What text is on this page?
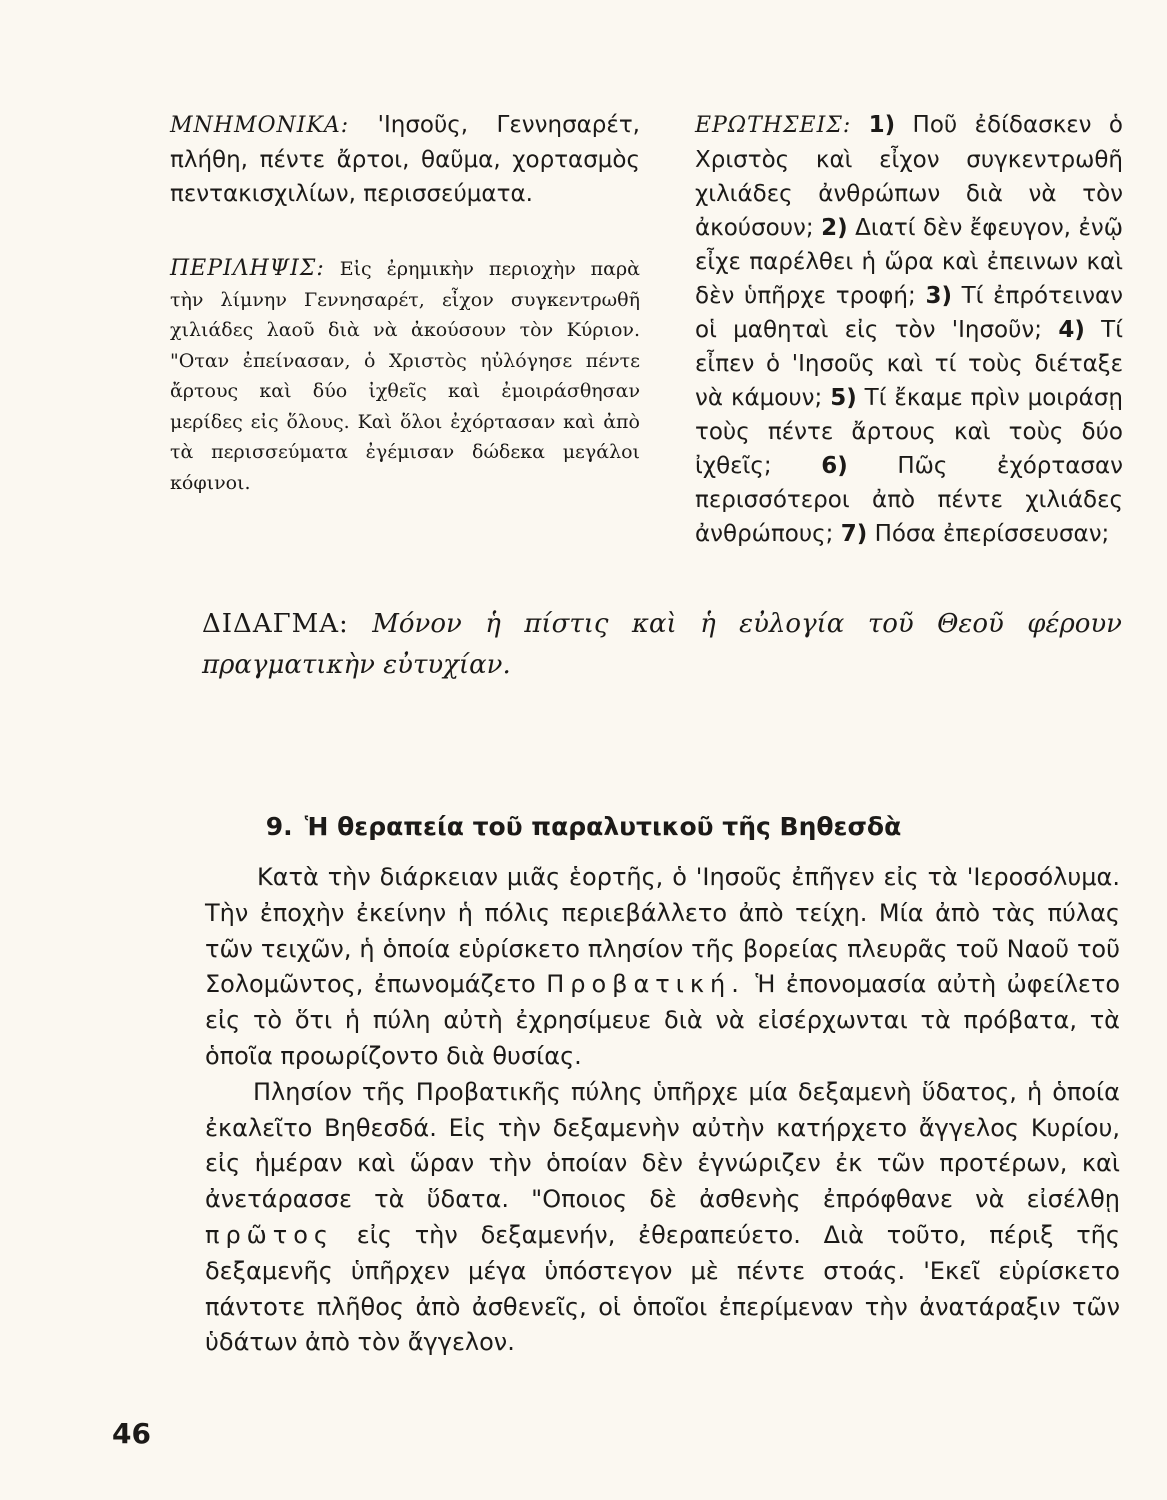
ΜΝΗΜΟΝΙΚΑ: 'Ιησοῦς, Γεννησαρέτ, πλήθη, πέντε ἄρτοι, θαῦμα, χορτασμὸς πεντακισχιλίων, περισσεύματα.

ΠΕΡΙΛΗΨΙΣ: Εἰς ἐρημικὴν περιοχὴν παρὰ τὴν λίμνην Γεννησαρέτ, εἶχον συγκεντρωθῆ χιλιάδες λαοῦ διὰ νὰ ἀκούσουν τὸν Κύριον. "Οταν ἐπείνασαν, ὁ Χριστὸς ηὐλόγησε πέντε ἄρτους καὶ δύο ἰχθεῖς καὶ ἐμοιράσθησαν μερίδες εἰς ὅλους. Καὶ ὅλοι ἐχόρτασαν καὶ ἀπὸ τὰ περισσεύματα ἐγέμισαν δώδεκα μεγάλοι κόφινοι.

ΕΡΩΤΗΣΕΙΣ: 1) Ποῦ ἐδίδασκεν ὁ Χριστὸς καὶ εἶχον συγκεντρωθῆ χιλιάδες ἀνθρώπων διὰ νὰ τὸν ἀκούσουν; 2) Διατί δὲν ἔφευγον, ἐνῷ εἶχε παρέλθει ἡ ὥρα καὶ ἐπεινων καὶ δὲν ὑπῆρχε τροφή; 3) Τί ἐπρότειναν οἱ μαθηταὶ εἰς τὸν 'Ιησοῦν; 4) Τί εἶπεν ὁ 'Ιησοῦς καὶ τί τοὺς διέταξε νὰ κάμουν; 5) Τί ἔκαμε πρὶν μοιράσῃ τοὺς πέντε ἄρτους καὶ τοὺς δύο ἰχθεῖς; 6) Πῶς ἐχόρτασαν περισσότεροι ἀπὸ πέντε χιλιάδες ἀνθρώπους; 7) Πόσα ἐπερίσσευσαν;

ΔΙΔΑΓΜΑ: Μόνον ἡ πίστις καὶ ἡ εὐλογία τοῦ Θεοῦ φέρουν πραγματικὴν εὐτυχίαν.

9. Ἡ θεραπεία τοῦ παραλυτικοῦ τῆς Βηθεσδὰ

  Κατὰ τὴν διάρκειαν μιᾶς ἑορτῆς, ὁ 'Ιησοῦς ἐπῆγεν εἰς τὰ 'Ιεροσόλυμα. Τὴν ἐποχὴν ἐκείνην ἡ πόλις περιεβάλλετο ἀπὸ τείχη. Μία ἀπὸ τὰς πύλας τῶν τειχῶν, ἡ ὁποία εὑρίσκετο πλησίον τῆς βορείας πλευρᾶς τοῦ Ναοῦ τοῦ Σολομῶντος, ἐπωνομάζετο Προβατική. Ἡ ἐπονομασία αὐτὴ ὠφείλετο εἰς τὸ ὅτι ἡ πύλη αὐτὴ ἐχρησίμευε διὰ νὰ εἰσέρχωνται τὰ πρόβατα, τὰ ὁποῖα προωρίζοντο διὰ θυσίας.

  Πλησίον τῆς Προβατικῆς πύλης ὑπῆρχε μία δεξαμενὴ ὕδατος, ἡ ὁποία ἐκαλεῖτο Βηθεσδά. Εἰς τὴν δεξαμενὴν αὐτὴν κατήρχετο ἄγγελος Κυρίου, εἰς ἡμέραν καὶ ὥραν τὴν ὁποίαν δὲν ἐγνώριζεν ἐκ τῶν προτέρων, καὶ ἀνετάρασσε τὰ ὕδατα. "Οποιος δὲ ἀσθενὴς ἐπρόφθανε νὰ εἰσέλθῃ πρῶτος εἰς τὴν δεξαμενήν, ἐθεραπεύετο. Διὰ τοῦτο, πέριξ τῆς δεξαμενῆς ὑπῆρχεν μέγα ὑπόστεγον μὲ πέντε στοάς. 'Εκεῖ εὑρίσκετο πάντοτε πλῆθος ἀπὸ ἀσθενεῖς, οἱ ὁποῖοι ἐπερίμεναν τὴν ἀνατάραξιν τῶν ὑδάτων ἀπὸ τὸν ἄγγελον.

46
